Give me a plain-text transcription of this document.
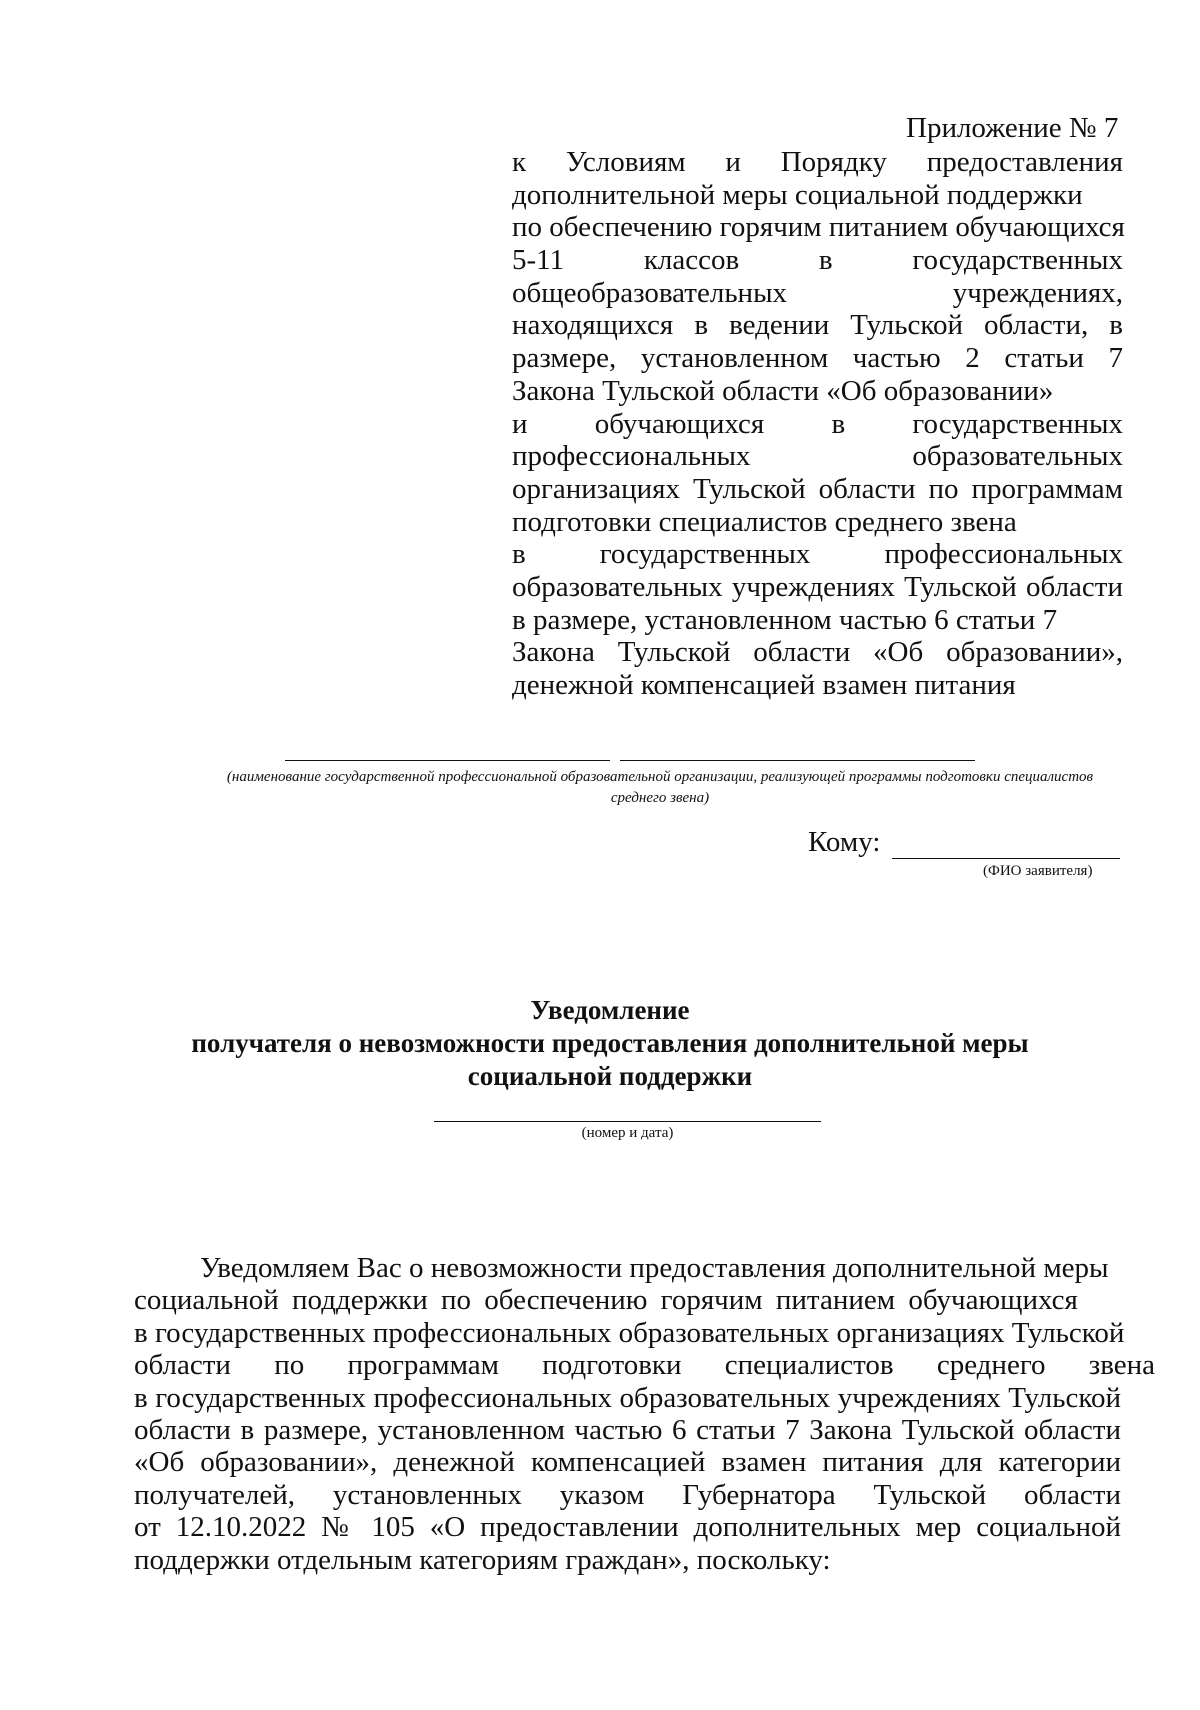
Приложение № 7
к Условиям и Порядку предоставления
дополнительной меры социальной поддержки
по обеспечению горячим питанием обучающихся
5-11 классов в государственных
общеобразовательных учреждениях,
находящихся в ведении Тульской области, в
размере, установленном частью 2 статьи 7
Закона Тульской области «Об образовании»
и обучающихся в государственных
профессиональных образовательных
организациях Тульской области по программам
подготовки специалистов среднего звена
в государственных профессиональных
образовательных учреждениях Тульской области
в размере, установленном частью 6 статьи 7
Закона Тульской области «Об образовании»,
денежной компенсацией взамен питания
(наименование государственной профессиональной образовательной организации, реализующей программы подготовки специалистов среднего звена)
Кому:
(ФИО заявителя)
Уведомление
получателя о невозможности предоставления дополнительной меры
социальной поддержки
(номер и дата)
Уведомляем Вас о невозможности предоставления дополнительной меры
социальной поддержки по обеспечению горячим питанием обучающихся
в государственных профессиональных образовательных организациях Тульской
области по программам подготовки специалистов среднего звена
в государственных профессиональных образовательных учреждениях Тульской
области в размере, установленном частью 6 статьи 7 Закона Тульской области
«Об образовании», денежной компенсацией взамен питания для категории
получателей, установленных указом Губернатора Тульской области
от 12.10.2022 № 105 «О предоставлении дополнительных мер социальной
поддержки отдельным категориям граждан», поскольку:
